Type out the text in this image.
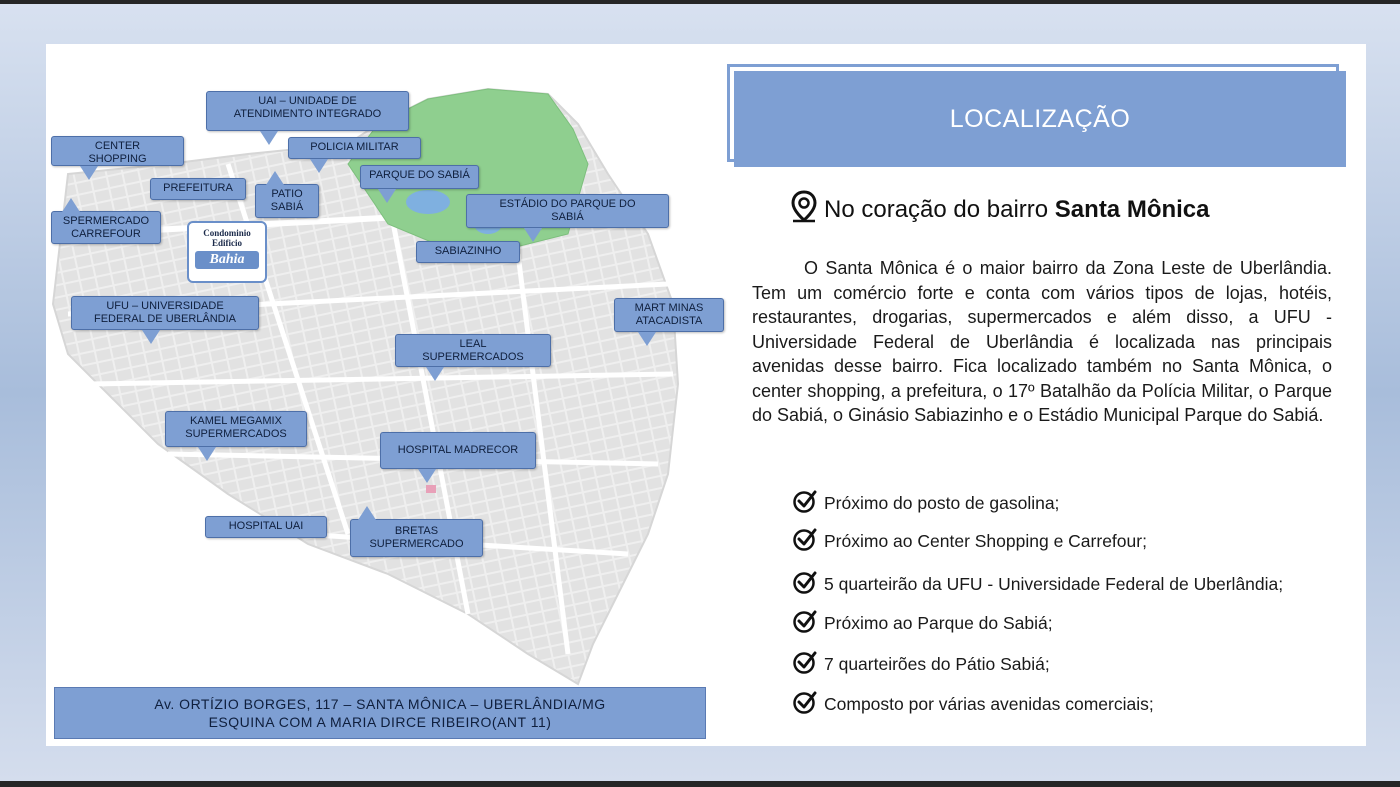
UAI – UNIDADE DE
ATENDIMENTO INTEGRADO
CENTER
SHOPPING
POLICIA MILITAR
PREFEITURA	PATIO
SABIÁ
PARQUE DO SABIÁ
SPERMERCADO
CARREFOUR
ESTÁDIO DO PARQUE DO
SABIÁ
SABIAZINHO
Condominio
Edificio
Bahia
UFU – UNIVERSIDADE
FEDERAL DE UBERLÂNDIA
MART MINAS
ATACADISTA
LEAL
SUPERMERCADOS
KAMEL MEGAMIX
SUPERMERCADOS
HOSPITAL MADRECOR
HOSPITAL UAI	BRETAS
SUPERMERCADO
Av. ORTÍZIO BORGES, 117 – SANTA MÔNICA – UBERLÂNDIA/MG
ESQUINA COM A MARIA DIRCE RIBEIRO(ANT 11)
LOCALIZAÇÃO
No coração do bairro Santa Mônica

O Santa Mônica é o maior bairro da Zona Leste de Uberlândia. Tem um comércio forte e conta com vários tipos de lojas, hotéis, restaurantes, drogarias, supermercados e além disso, a UFU - Universidade Federal de Uberlândia é localizada nas principais avenidas desse bairro. Fica localizado também no Santa Mônica, o center shopping, a prefeitura, o 17º Batalhão da Polícia Militar, o Parque do Sabiá, o Ginásio Sabiazinho e o Estádio Municipal Parque do Sabiá.

Próximo do posto de gasolina;
Próximo ao Center Shopping e Carrefour;
5 quarteirão da UFU - Universidade Federal de Uberlândia;
Próximo ao Parque do Sabiá;
7 quarteirões do Pátio Sabiá;
Composto por várias avenidas comerciais;
